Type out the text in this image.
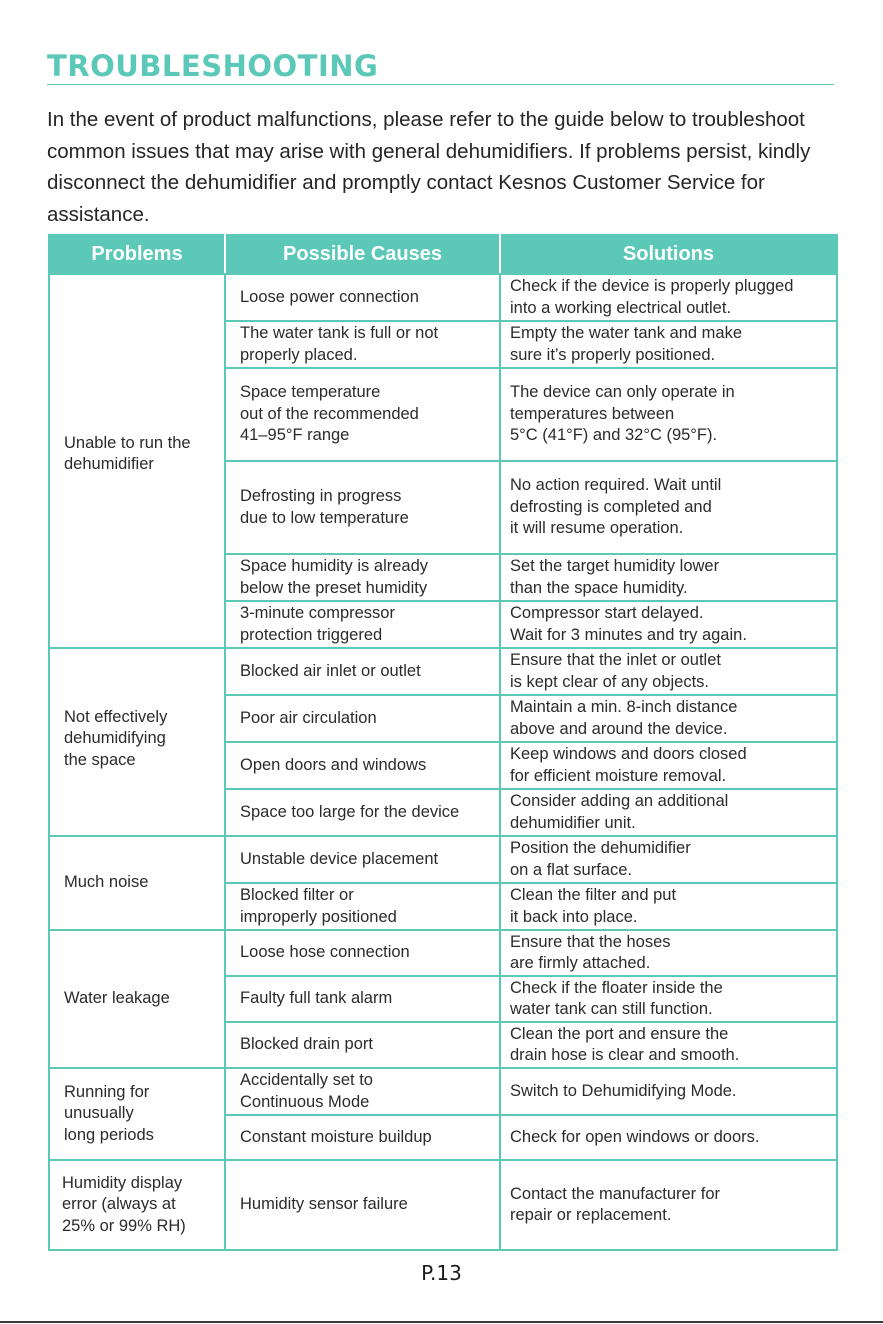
TROUBLESHOOTING

In the event of product malfunctions, please refer to the guide below to troubleshoot common issues that may arise with general dehumidifiers. If problems persist, kindly disconnect the dehumidifier and promptly contact Kesnos Customer Service for assistance.

Problems	Possible Causes	Solutions

Unable to run the
dehumidifier	Loose power connection	Check if the device is properly plugged
into a working electrical outlet.

	The water tank is full or not
properly placed.	Empty the water tank and make
sure it’s properly positioned.

	Space temperature
out of the recommended
41–95°F range	The device can only operate in
temperatures between
5°C (41°F) and 32°C (95°F).

	Defrosting in progress
due to low temperature	No action required. Wait until
defrosting is completed and
it will resume operation.

	Space humidity is already
below the preset humidity	Set the target humidity lower
than the space humidity.

	3-minute compressor
protection triggered	Compressor start delayed.
Wait for 3 minutes and try again.

Not effectively
dehumidifying
the space	Blocked air inlet or outlet	Ensure that the inlet or outlet
is kept clear of any objects.

	Poor air circulation	Maintain a min. 8-inch distance
above and around the device.

	Open doors and windows	Keep windows and doors closed
for efficient moisture removal.

	Space too large for the device	Consider adding an additional
dehumidifier unit.

Much noise	Unstable device placement	Position the dehumidifier
on a flat surface.

	Blocked filter or
improperly positioned	Clean the filter and put
it back into place.

Water leakage	Loose hose connection	Ensure that the hoses
are firmly attached.

	Faulty full tank alarm	Check if the floater inside the
water tank can still function.

	Blocked drain port	Clean the port and ensure the
drain hose is clear and smooth.

Running for
unusually
long periods	Accidentally set to
Continuous Mode	Switch to Dehumidifying Mode.

	Constant moisture buildup	Check for open windows or doors.

Humidity display
error (always at
25% or 99% RH)	Humidity sensor failure	Contact the manufacturer for
repair or replacement.
P.13
